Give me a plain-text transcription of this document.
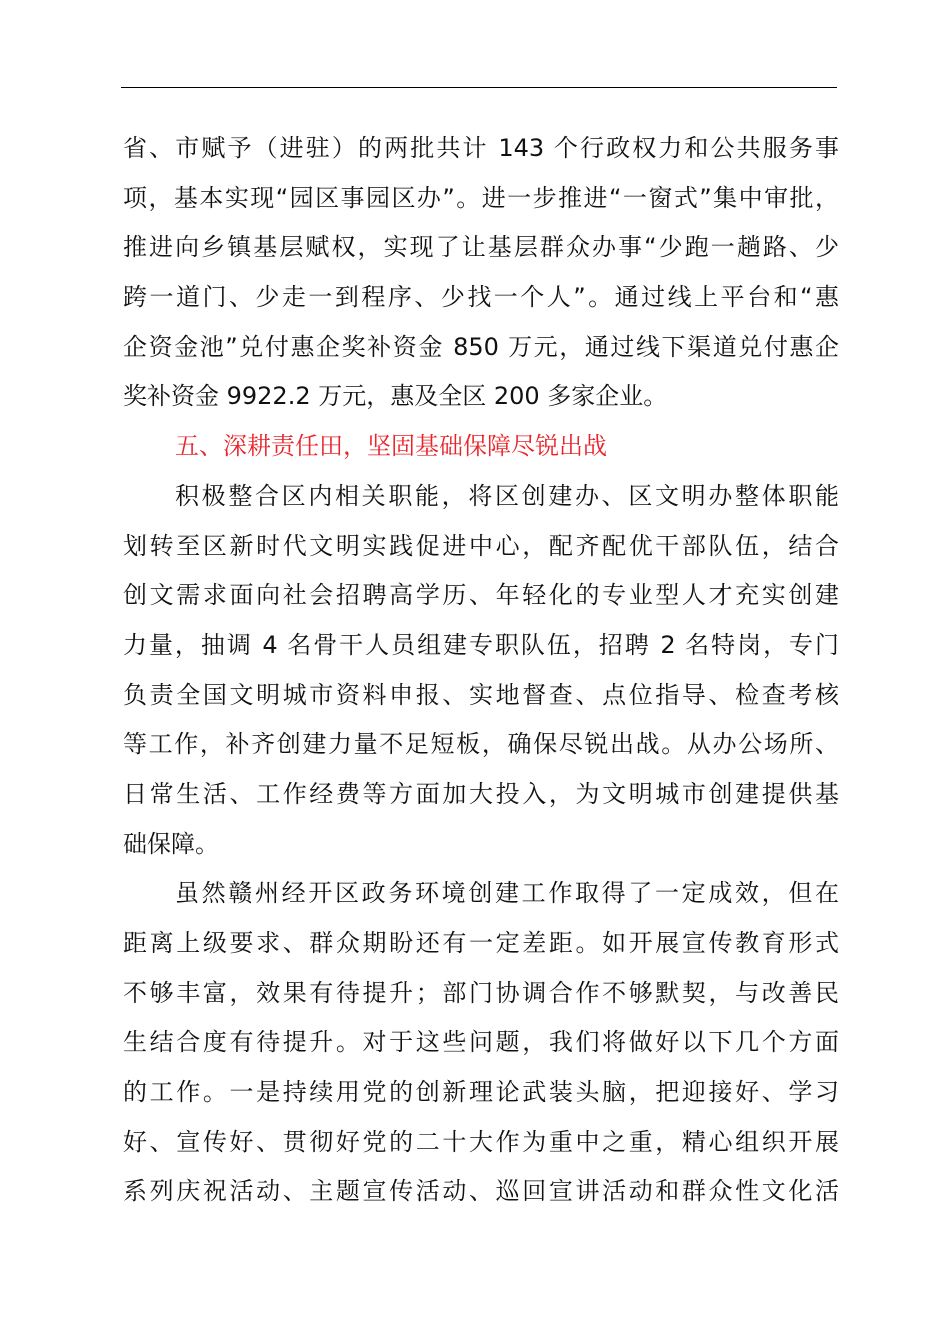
省、市赋予（进驻）的两批共计 143 个行政权力和公共服务事
项，基本实现“园区事园区办”。进一步推进“一窗式”集中审批，
推进向乡镇基层赋权，实现了让基层群众办事“少跑一趟路、少
跨一道门、少走一到程序、少找一个人”。通过线上平台和“惠
企资金池”兑付惠企奖补资金 850 万元，通过线下渠道兑付惠企
奖补资金 9922.2 万元，惠及全区 200 多家企业。
五、深耕责任田，坚固基础保障尽锐出战
积极整合区内相关职能，将区创建办、区文明办整体职能
划转至区新时代文明实践促进中心，配齐配优干部队伍，结合
创文需求面向社会招聘高学历、年轻化的专业型人才充实创建
力量，抽调 4 名骨干人员组建专职队伍，招聘 2 名特岗，专门
负责全国文明城市资料申报、实地督查、点位指导、检查考核
等工作，补齐创建力量不足短板，确保尽锐出战。从办公场所、
日常生活、工作经费等方面加大投入，为文明城市创建提供基
础保障。
虽然赣州经开区政务环境创建工作取得了一定成效，但在
距离上级要求、群众期盼还有一定差距。如开展宣传教育形式
不够丰富，效果有待提升；部门协调合作不够默契，与改善民
生结合度有待提升。对于这些问题，我们将做好以下几个方面
的工作。一是持续用党的创新理论武装头脑，把迎接好、学习
好、宣传好、贯彻好党的二十大作为重中之重，精心组织开展
系列庆祝活动、主题宣传活动、巡回宣讲活动和群众性文化活
